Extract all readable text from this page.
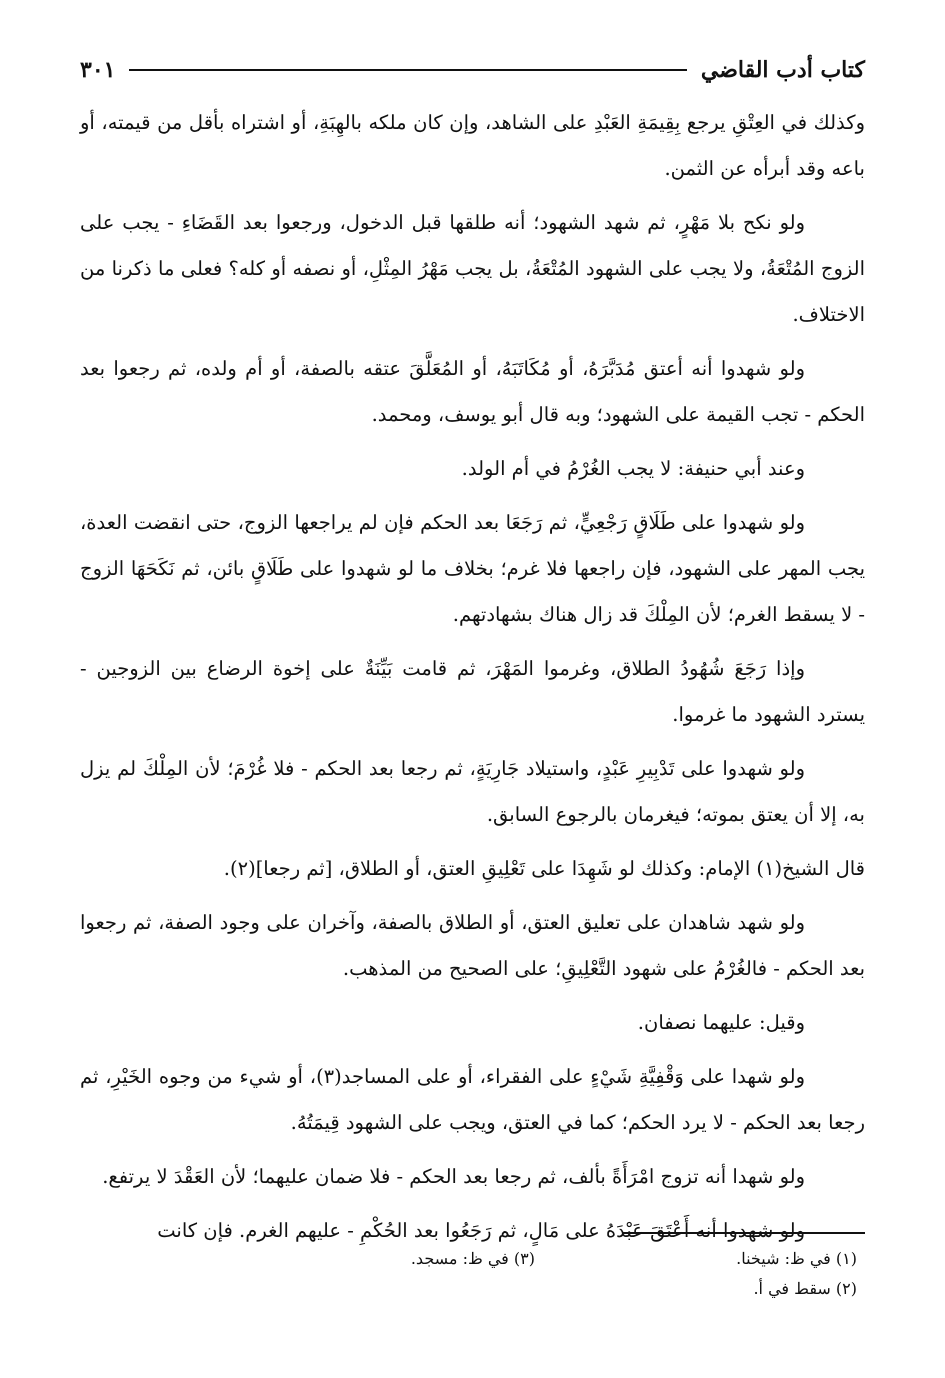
كتاب أدب القاضي
٣٠١

وكذلك في العِتْقِ يرجع بِقِيمَةِ العَبْدِ على الشاهد، وإن كان ملكه بالهِبَةِ، أو اشتراه بأقل من قيمته، أو باعه وقد أبرأه عن الثمن.

ولو نكح بلا مَهْرٍ، ثم شهد الشهود؛ أنه طلقها قبل الدخول، ورجعوا بعد القَضَاءِ - يجب على الزوج المُتْعَةُ، ولا يجب على الشهود المُتْعَةُ، بل يجب مَهْرُ المِثْلِ، أو نصفه أو كله؟ فعلى ما ذكرنا من الاختلاف.

ولو شهدوا أنه أعتق مُدَبَّرَهُ، أو مُكَاتَبَهُ، أو المُعَلَّقَ عتقه بالصفة، أو أم ولده، ثم رجعوا بعد الحكم - تجب القيمة على الشهود؛ وبه قال أبو يوسف، ومحمد.

وعند أبي حنيفة: لا يجب الغُرْمُ في أم الولد.

ولو شهدوا على طَلَاقٍ رَجْعِيٍّ، ثم رَجَعَا بعد الحكم فإن لم يراجعها الزوج، حتى انقضت العدة، يجب المهر على الشهود، فإن راجعها فلا غرم؛ بخلاف ما لو شهدوا على طَلَاقٍ بائن، ثم نَكَحَهَا الزوج - لا يسقط الغرم؛ لأن المِلْكَ قد زال هناك بشهادتهم.

وإذا رَجَعَ شُهُودُ الطلاق، وغرموا المَهْرَ، ثم قامت بَيِّنَةٌ على إخوة الرضاع بين الزوجين - يسترد الشهود ما غرموا.

ولو شهدوا على تَدْبِيرِ عَبْدٍ، واستيلاد جَارِيَةٍ، ثم رجعا بعد الحكم - فلا غُرْمَ؛ لأن المِلْكَ لم يزل به، إلا أن يعتق بموته؛ فيغرمان بالرجوع السابق.

قال الشيخ(١) الإمام: وكذلك لو شَهِدَا على تَعْلِيقِ العتق، أو الطلاق، [ثم رجعا](٢).

ولو شهد شاهدان على تعليق العتق، أو الطلاق بالصفة، وآخران على وجود الصفة، ثم رجعوا بعد الحكم - فالغُرْمُ على شهود التَّعْلِيقِ؛ على الصحيح من المذهب.

وقيل: عليهما نصفان.

ولو شهدا على وَقْفِيَّةِ شَيْءٍ على الفقراء، أو على المساجد(٣)، أو شيء من وجوه الخَيْرِ، ثم رجعا بعد الحكم - لا يرد الحكم؛ كما في العتق، ويجب على الشهود قِيمَتُهُ.

ولو شهدا أنه تزوج امْرَأَةً بألف، ثم رجعا بعد الحكم - فلا ضمان عليهما؛ لأن العَقْدَ لا يرتفع.

ولو شهدوا أنه أَعْتَقَ عَبْدَهُ على مَالٍ، ثم رَجَعُوا بعد الحُكْمِ - عليهم الغرم. فإن كانت

(١) في ظ: شيخنا.
(٢) سقط في أ.
(٣) في ظ: مسجد.
